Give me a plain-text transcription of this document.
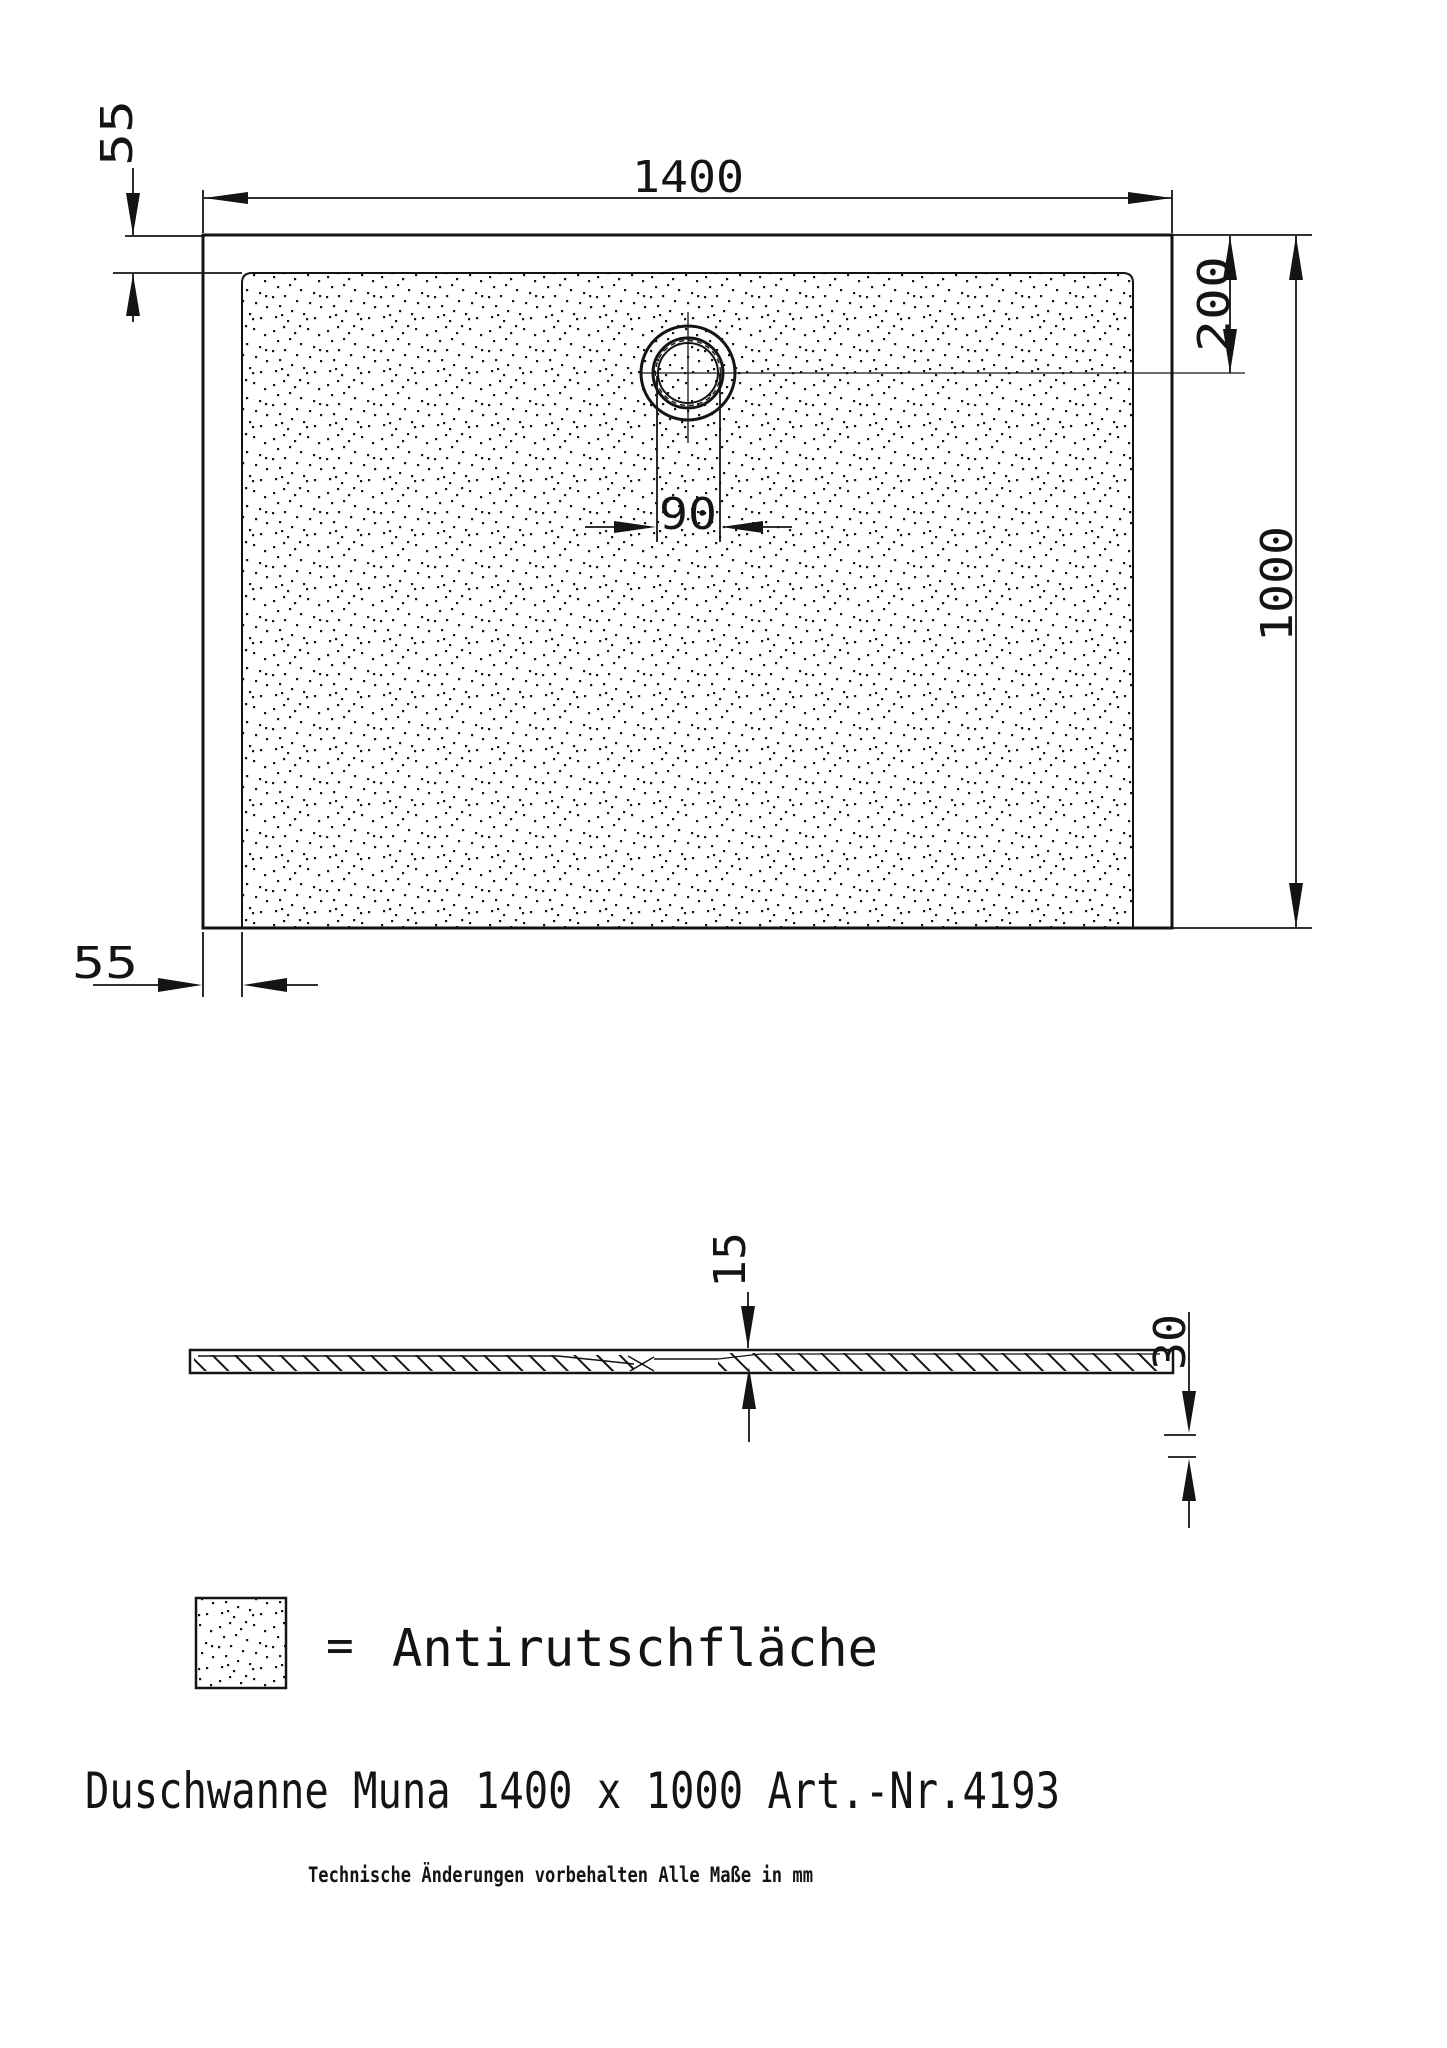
1400
55
200
1000
90
55
15
30
= Antirutschfläche
Duschwanne Muna 1400 x 1000 Art.-Nr.4193
Technische Änderungen vorbehalten Alle Maße in mm
